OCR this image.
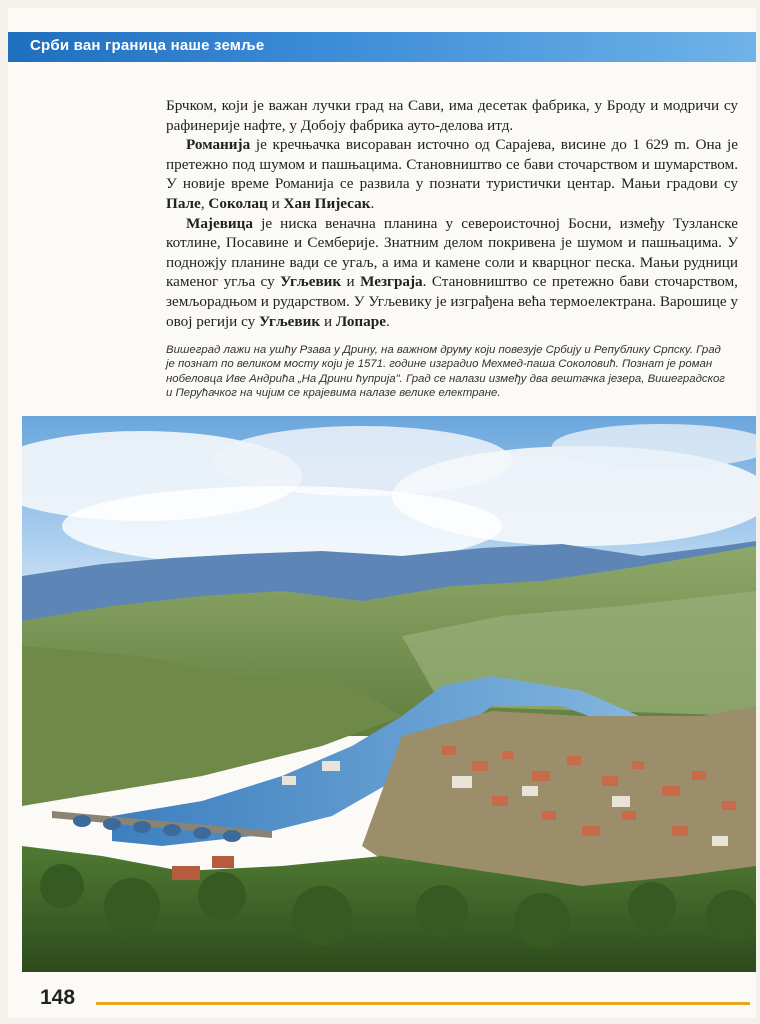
Срби ван граница наше земље

Брчком, који је важан лучки град на Сави, има десетак фабрика, у Броду и модричи су рафинерије нафте, у Добоју фабрика ауто-делова итд.

Романија је кречњачка висораван источно од Сарајева, висине до 1 629 m. Она је претежно под шумом и пашњацима. Становништво се бави сточарством и шумарством. У новије време Романија се развила у познати туристички центар. Мањи градови су Пале, Соколац и Хан Пијесак.

Мајевица је ниска веначна планина у североисточној Босни, између Тузланске котлине, Посавине и Семберије. Знатним делом покривена је шумом и пашњацима. У подножју планине вади се угаљ, а има и камене соли и кварцног песка. Мањи рудници каменог угља су Угљевик и Мезграја. Становништво се претежно бави сточарством, земљорадњом и рударством. У Угљевику је изграђена већа термоелектрана. Варошице у овој регији су Угљевик и Лопаре.

Вишеград лажи на ушћу Рзава у Дрину, на важном друму који повезује Србију и Републику Српску. Град је познат по великом мосту који је 1571. године изградио Мехмед-паша Соколовић. Познат је роман нобеловца Иве Андрића „На Дрини ћуприја". Град се налази између два вештачка језера, Вишеградског и Перућачког на чијим се крајевима налазе велике електране.
148
